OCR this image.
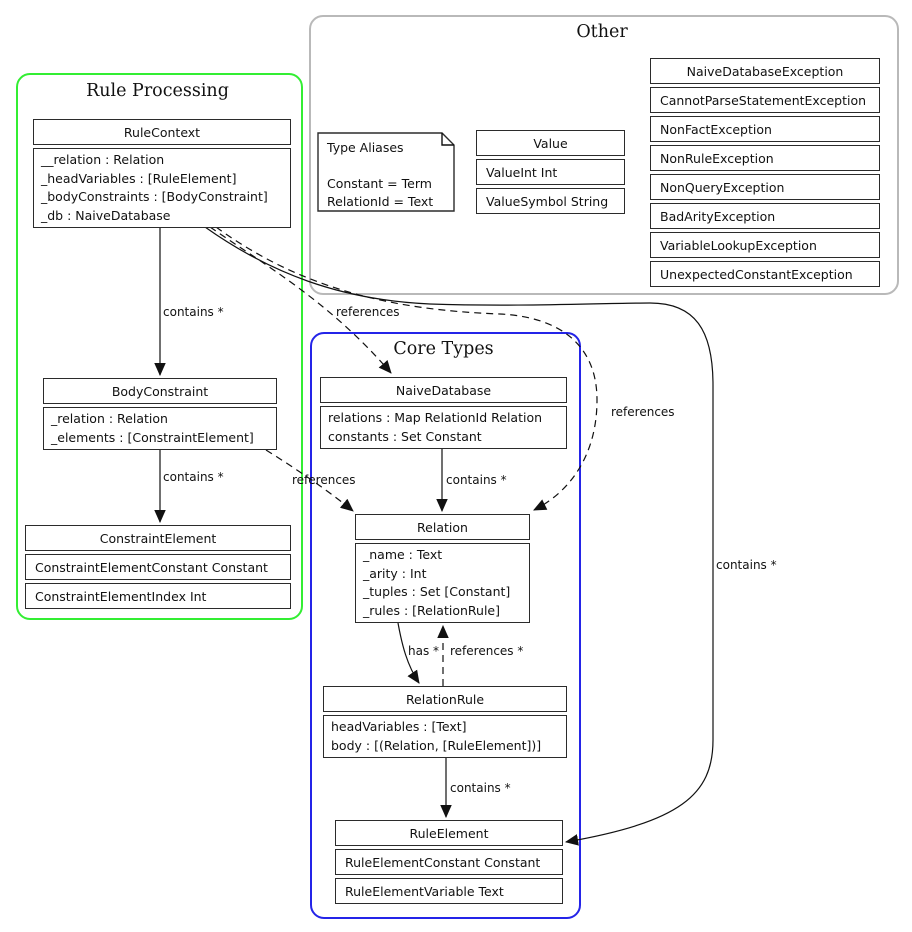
Rule Processing
Other
Core Types
contains *	references
references
contains *
contains *	references	contains *
has * references *
contains *
Type Aliases
Constant = Term
RelationId = Text
RuleContext
__relation : Relation
_headVariables : [RuleElement]
_bodyConstraints : [BodyConstraint]
_db : NaiveDatabase
BodyConstraint
_relation : Relation
_elements : [ConstraintElement]
ConstraintElement
ConstraintElementConstant Constant
ConstraintElementIndex Int
NaiveDatabase
relations : Map RelationId Relation
constants : Set Constant
Relation
_name : Text
_arity : Int
_tuples : Set [Constant]
_rules : [RelationRule]
RelationRule
headVariables : [Text]
body : [(Relation, [RuleElement])]
RuleElement
RuleElementConstant Constant
RuleElementVariable Text
Value
ValueInt Int
ValueSymbol String
NaiveDatabaseException
CannotParseStatementException
NonFactException
NonRuleException
NonQueryException
BadArityException
VariableLookupException
UnexpectedConstantException
